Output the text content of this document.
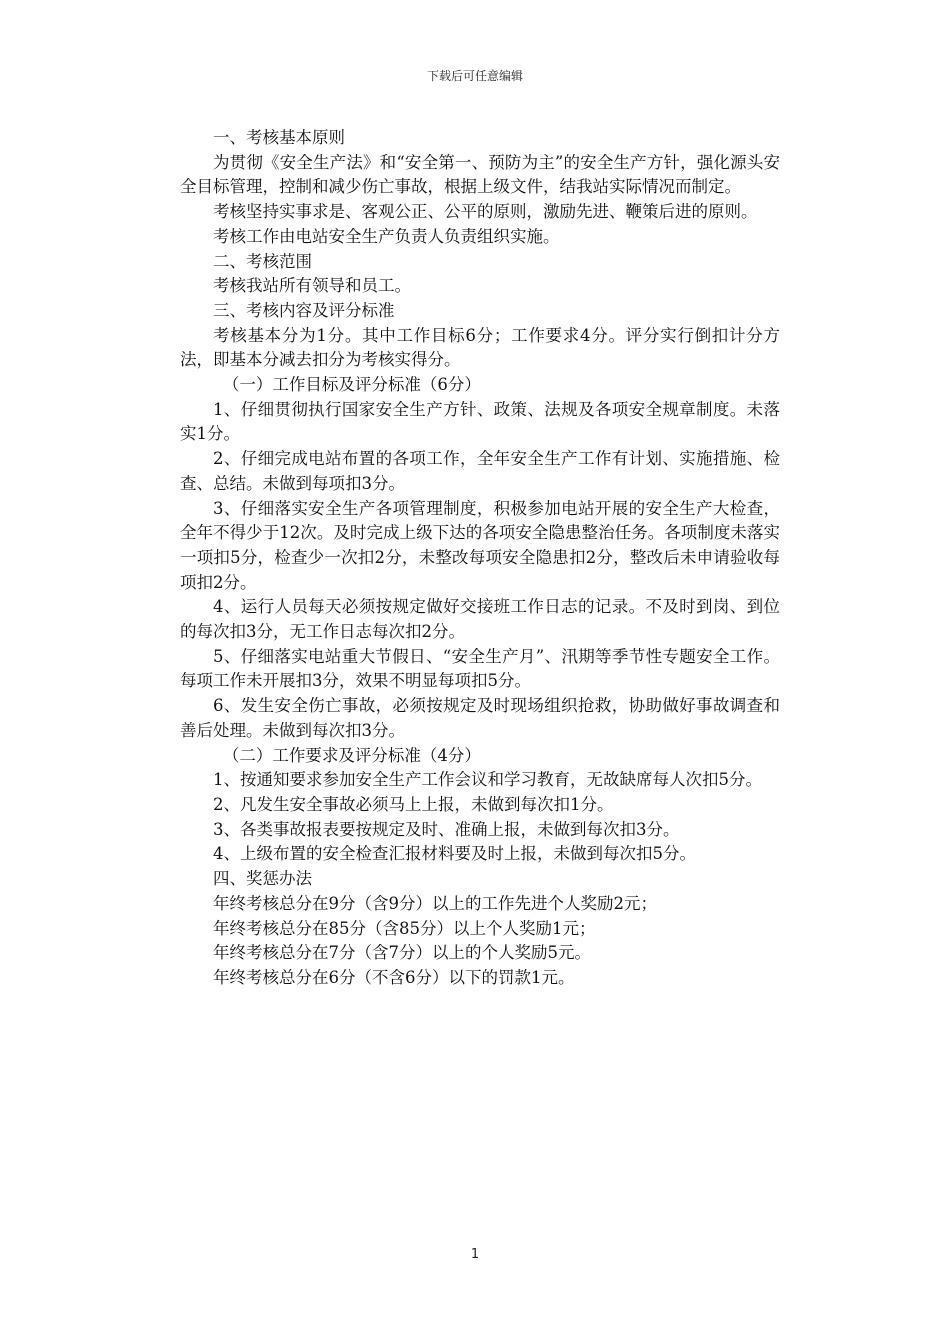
下载后可任意编辑

一、考核基本原则

为贯彻《安全生产法》和“安全第一、预防为主”的安全生产方针，强化源头安全目标管理，控制和减少伤亡事故，根据上级文件，结我站实际情况而制定。

考核坚持实事求是、客观公正、公平的原则，激励先进、鞭策后进的原则。

考核工作由电站安全生产负责人负责组织实施。

二、考核范围

考核我站所有领导和员工。

三、考核内容及评分标准

考核基本分为1分。其中工作目标6分；工作要求4分。评分实行倒扣计分方法，即基本分减去扣分为考核实得分。

（一）工作目标及评分标准（6分）

1、仔细贯彻执行国家安全生产方针、政策、法规及各项安全规章制度。未落实1分。

2、仔细完成电站布置的各项工作，全年安全生产工作有计划、实施措施、检查、总结。未做到每项扣3分。

3、仔细落实安全生产各项管理制度，积极参加电站开展的安全生产大检查，全年不得少于12次。及时完成上级下达的各项安全隐患整治任务。各项制度未落实一项扣5分，检查少一次扣2分，未整改每项安全隐患扣2分，整改后未申请验收每项扣2分。

4、运行人员每天必须按规定做好交接班工作日志的记录。不及时到岗、到位的每次扣3分，无工作日志每次扣2分。

5、仔细落实电站重大节假日、“安全生产月”、汛期等季节性专题安全工作。每项工作未开展扣3分，效果不明显每项扣5分。

6、发生安全伤亡事故，必须按规定及时现场组织抢救，协助做好事故调查和善后处理。未做到每次扣3分。

（二）工作要求及评分标准（4分）

1、按通知要求参加安全生产工作会议和学习教育，无故缺席每人次扣5分。

2、凡发生安全事故必须马上上报，未做到每次扣1分。

3、各类事故报表要按规定及时、准确上报，未做到每次扣3分。

4、上级布置的安全检查汇报材料要及时上报，未做到每次扣5分。

四、奖惩办法

年终考核总分在9分（含9分）以上的工作先进个人奖励2元；

年终考核总分在85分（含85分）以上个人奖励1元；

年终考核总分在7分（含7分）以上的个人奖励5元。

年终考核总分在6分（不含6分）以下的罚款1元。

1
